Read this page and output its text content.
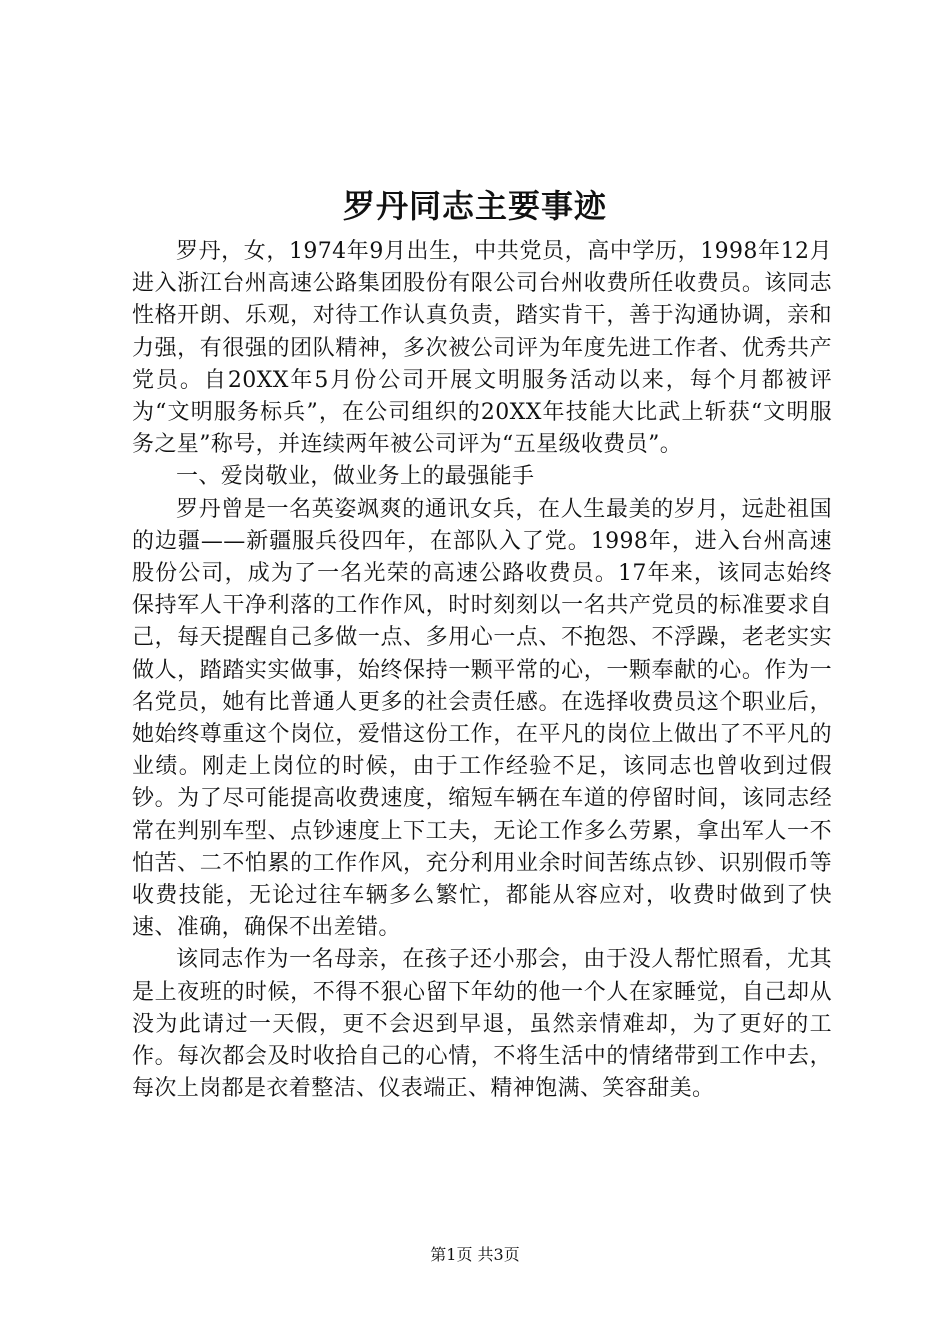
罗丹同志主要事迹

罗丹，女，1974年9月出生，中共党员，高中学历，1998年12月进入浙江台州高速公路集团股份有限公司台州收费所任收费员。该同志性格开朗、乐观，对待工作认真负责，踏实肯干，善于沟通协调，亲和力强，有很强的团队精神，多次被公司评为年度先进工作者、优秀共产党员。自20XX年5月份公司开展文明服务活动以来，每个月都被评为“文明服务标兵”，在公司组织的20XX年技能大比武上斩获“文明服务之星”称号，并连续两年被公司评为“五星级收费员”。

一、爱岗敬业，做业务上的最强能手

罗丹曾是一名英姿飒爽的通讯女兵，在人生最美的岁月，远赴祖国的边疆——新疆服兵役四年，在部队入了党。1998年，进入台州高速股份公司，成为了一名光荣的高速公路收费员。17年来，该同志始终保持军人干净利落的工作作风，时时刻刻以一名共产党员的标准要求自己，每天提醒自己多做一点、多用心一点、不抱怨、不浮躁，老老实实做人，踏踏实实做事，始终保持一颗平常的心，一颗奉献的心。作为一名党员，她有比普通人更多的社会责任感。在选择收费员这个职业后，她始终尊重这个岗位，爱惜这份工作，在平凡的岗位上做出了不平凡的业绩。刚走上岗位的时候，由于工作经验不足，该同志也曾收到过假钞。为了尽可能提高收费速度，缩短车辆在车道的停留时间，该同志经常在判别车型、点钞速度上下工夫，无论工作多么劳累，拿出军人一不怕苦、二不怕累的工作作风，充分利用业余时间苦练点钞、识别假币等收费技能，无论过往车辆多么繁忙，都能从容应对，收费时做到了快速、准确，确保不出差错。

该同志作为一名母亲，在孩子还小那会，由于没人帮忙照看，尤其是上夜班的时候，不得不狠心留下年幼的他一个人在家睡觉，自己却从没为此请过一天假，更不会迟到早退，虽然亲情难却，为了更好的工作。每次都会及时收拾自己的心情，不将生活中的情绪带到工作中去，每次上岗都是衣着整洁、仪表端正、精神饱满、笑容甜美。

第1页 共3页
